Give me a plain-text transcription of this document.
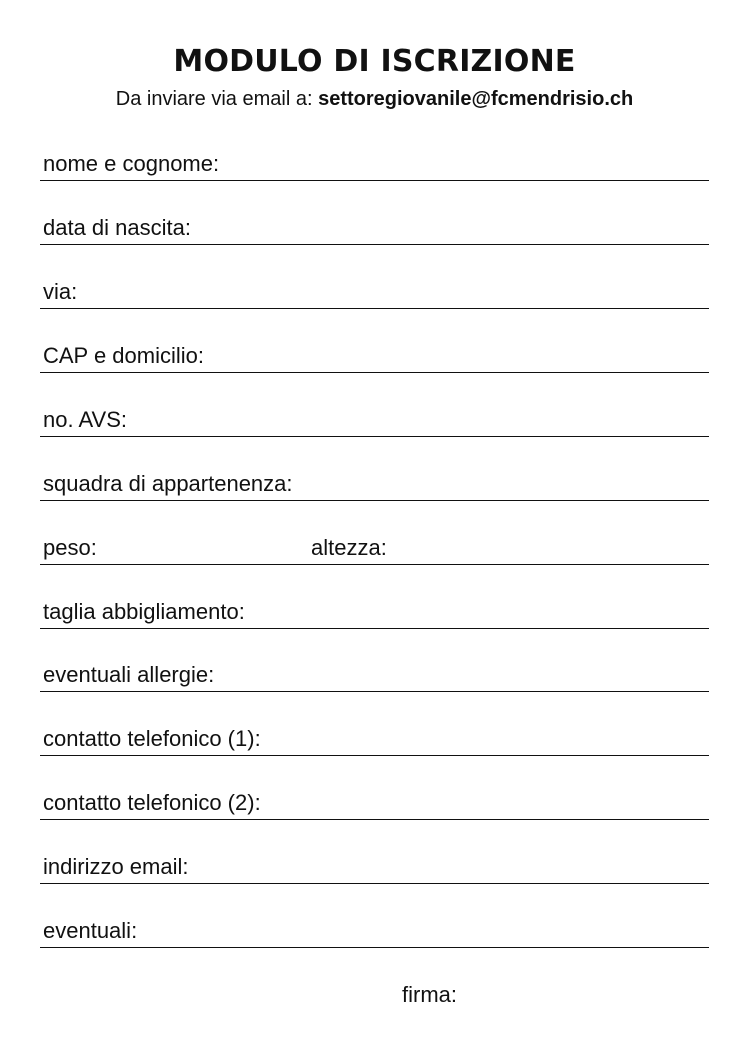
MODULO DI ISCRIZIONE
Da inviare via email a: settoregiovanile@fcmendrisio.ch
nome e cognome:
data di nascita:
via:
CAP e domicilio:
no. AVS:
squadra di appartenenza:
peso:	altezza:
taglia abbigliamento:
eventuali allergie:
contatto telefonico (1):
contatto telefonico (2):
indirizzo email:
eventuali:
firma:
